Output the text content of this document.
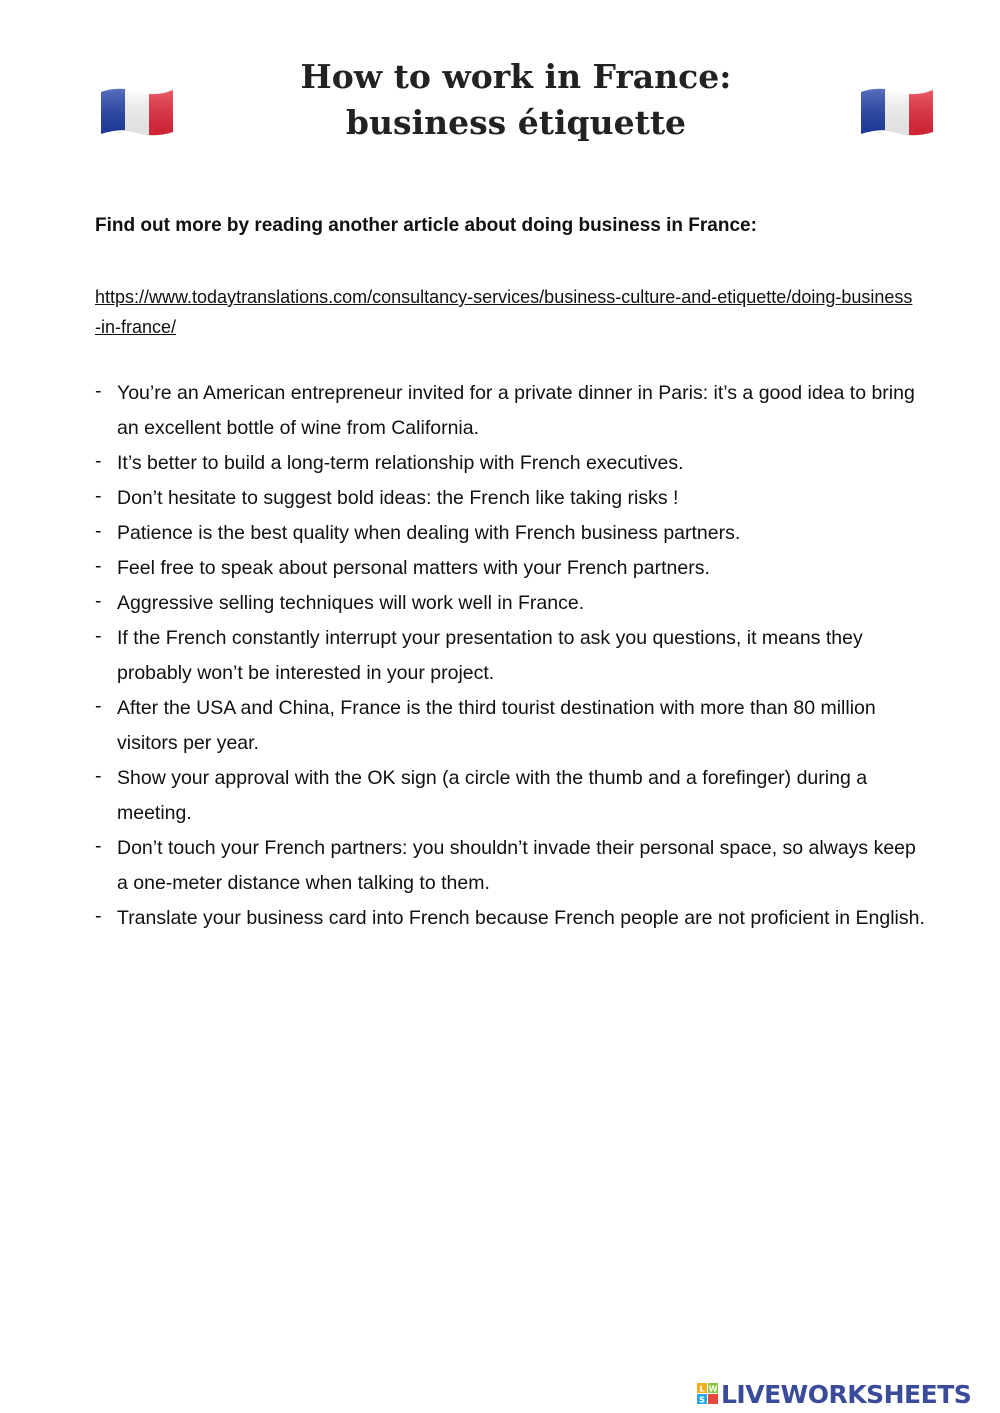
How to work in France:
business étiquette
Find out more by reading another article about doing business in France:
https://www.todaytranslations.com/consultancy-services/business-culture-and-etiquette/doing-business-in-france/
- You’re an American entrepreneur invited for a private dinner in Paris: it’s a good idea to bring an excellent bottle of wine from California.
- It’s better to build a long-term relationship with French executives.
- Don’t hesitate to suggest bold ideas: the French like taking risks !
- Patience is the best quality when dealing with French business partners.
- Feel free to speak about personal matters with your French partners.
- Aggressive selling techniques will work well in France.
- If the French constantly interrupt your presentation to ask you questions, it means they probably won’t be interested in your project.
- After the USA and China, France is the third tourist destination with more than 80 million visitors per year.
- Show your approval with the OK sign (a circle with the thumb and a forefinger) during a meeting.
- Don’t touch your French partners: you shouldn’t invade their personal space, so always keep a one-meter distance when talking to them.
- Translate your business card into French because French people are not proficient in English.
L W
S LIVEWORKSHEETS
